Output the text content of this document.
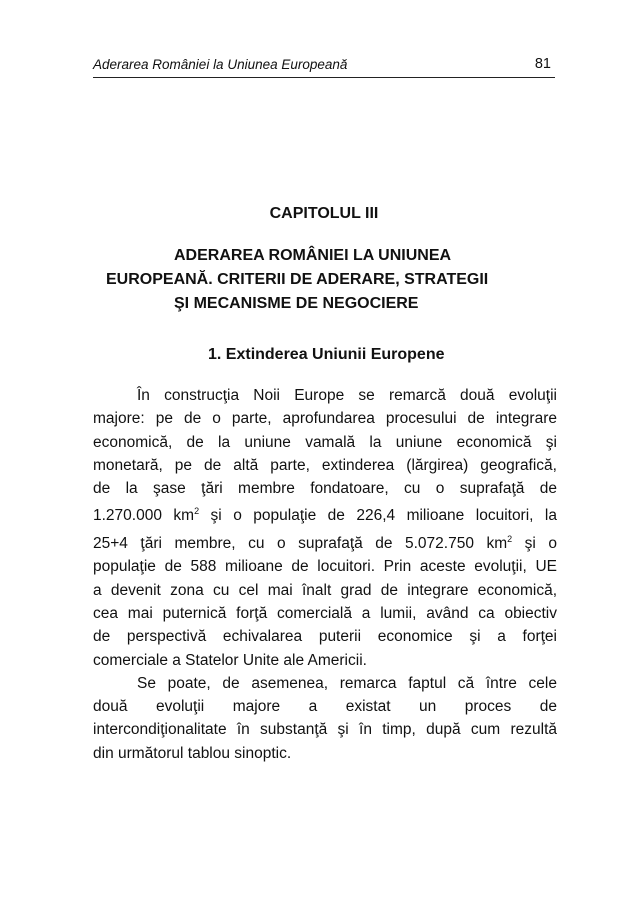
Aderarea României la Uniunea Europeană	81
CAPITOLUL III
ADERAREA ROMÂNIEI LA UNIUNEA
EUROPEANĂ. CRITERII DE ADERARE, STRATEGII
ŞI MECANISME DE NEGOCIERE
1. Extinderea Uniunii Europene

În construcţia Noii Europe se remarcă două evoluţii
majore: pe de o parte, aprofundarea procesului de integrare
economică, de la uniune vamală la uniune economică şi
monetară, pe de altă parte, extinderea (lărgirea) geografică,
de la şase ţări membre fondatoare, cu o suprafaţă de
1.270.000 $km^2$ şi o populaţie de 226,4 milioane locuitori, la
25+4 ţări membre, cu o suprafaţă de 5.072.750 $km^2$ şi o
populaţie de 588 milioane de locuitori. Prin aceste evoluţii, UE
a devenit zona cu cel mai înalt grad de integrare economică,
cea mai puternică forţă comercială a lumii, având ca obiectiv
de perspectivă echivalarea puterii economice şi a forţei
comerciale a Statelor Unite ale Americii.

Se poate, de asemenea, remarca faptul că între cele
două evoluţii majore a existat un proces de
intercondiţionalitate în substanţă şi în timp, după cum rezultă
din următorul tablou sinoptic.
